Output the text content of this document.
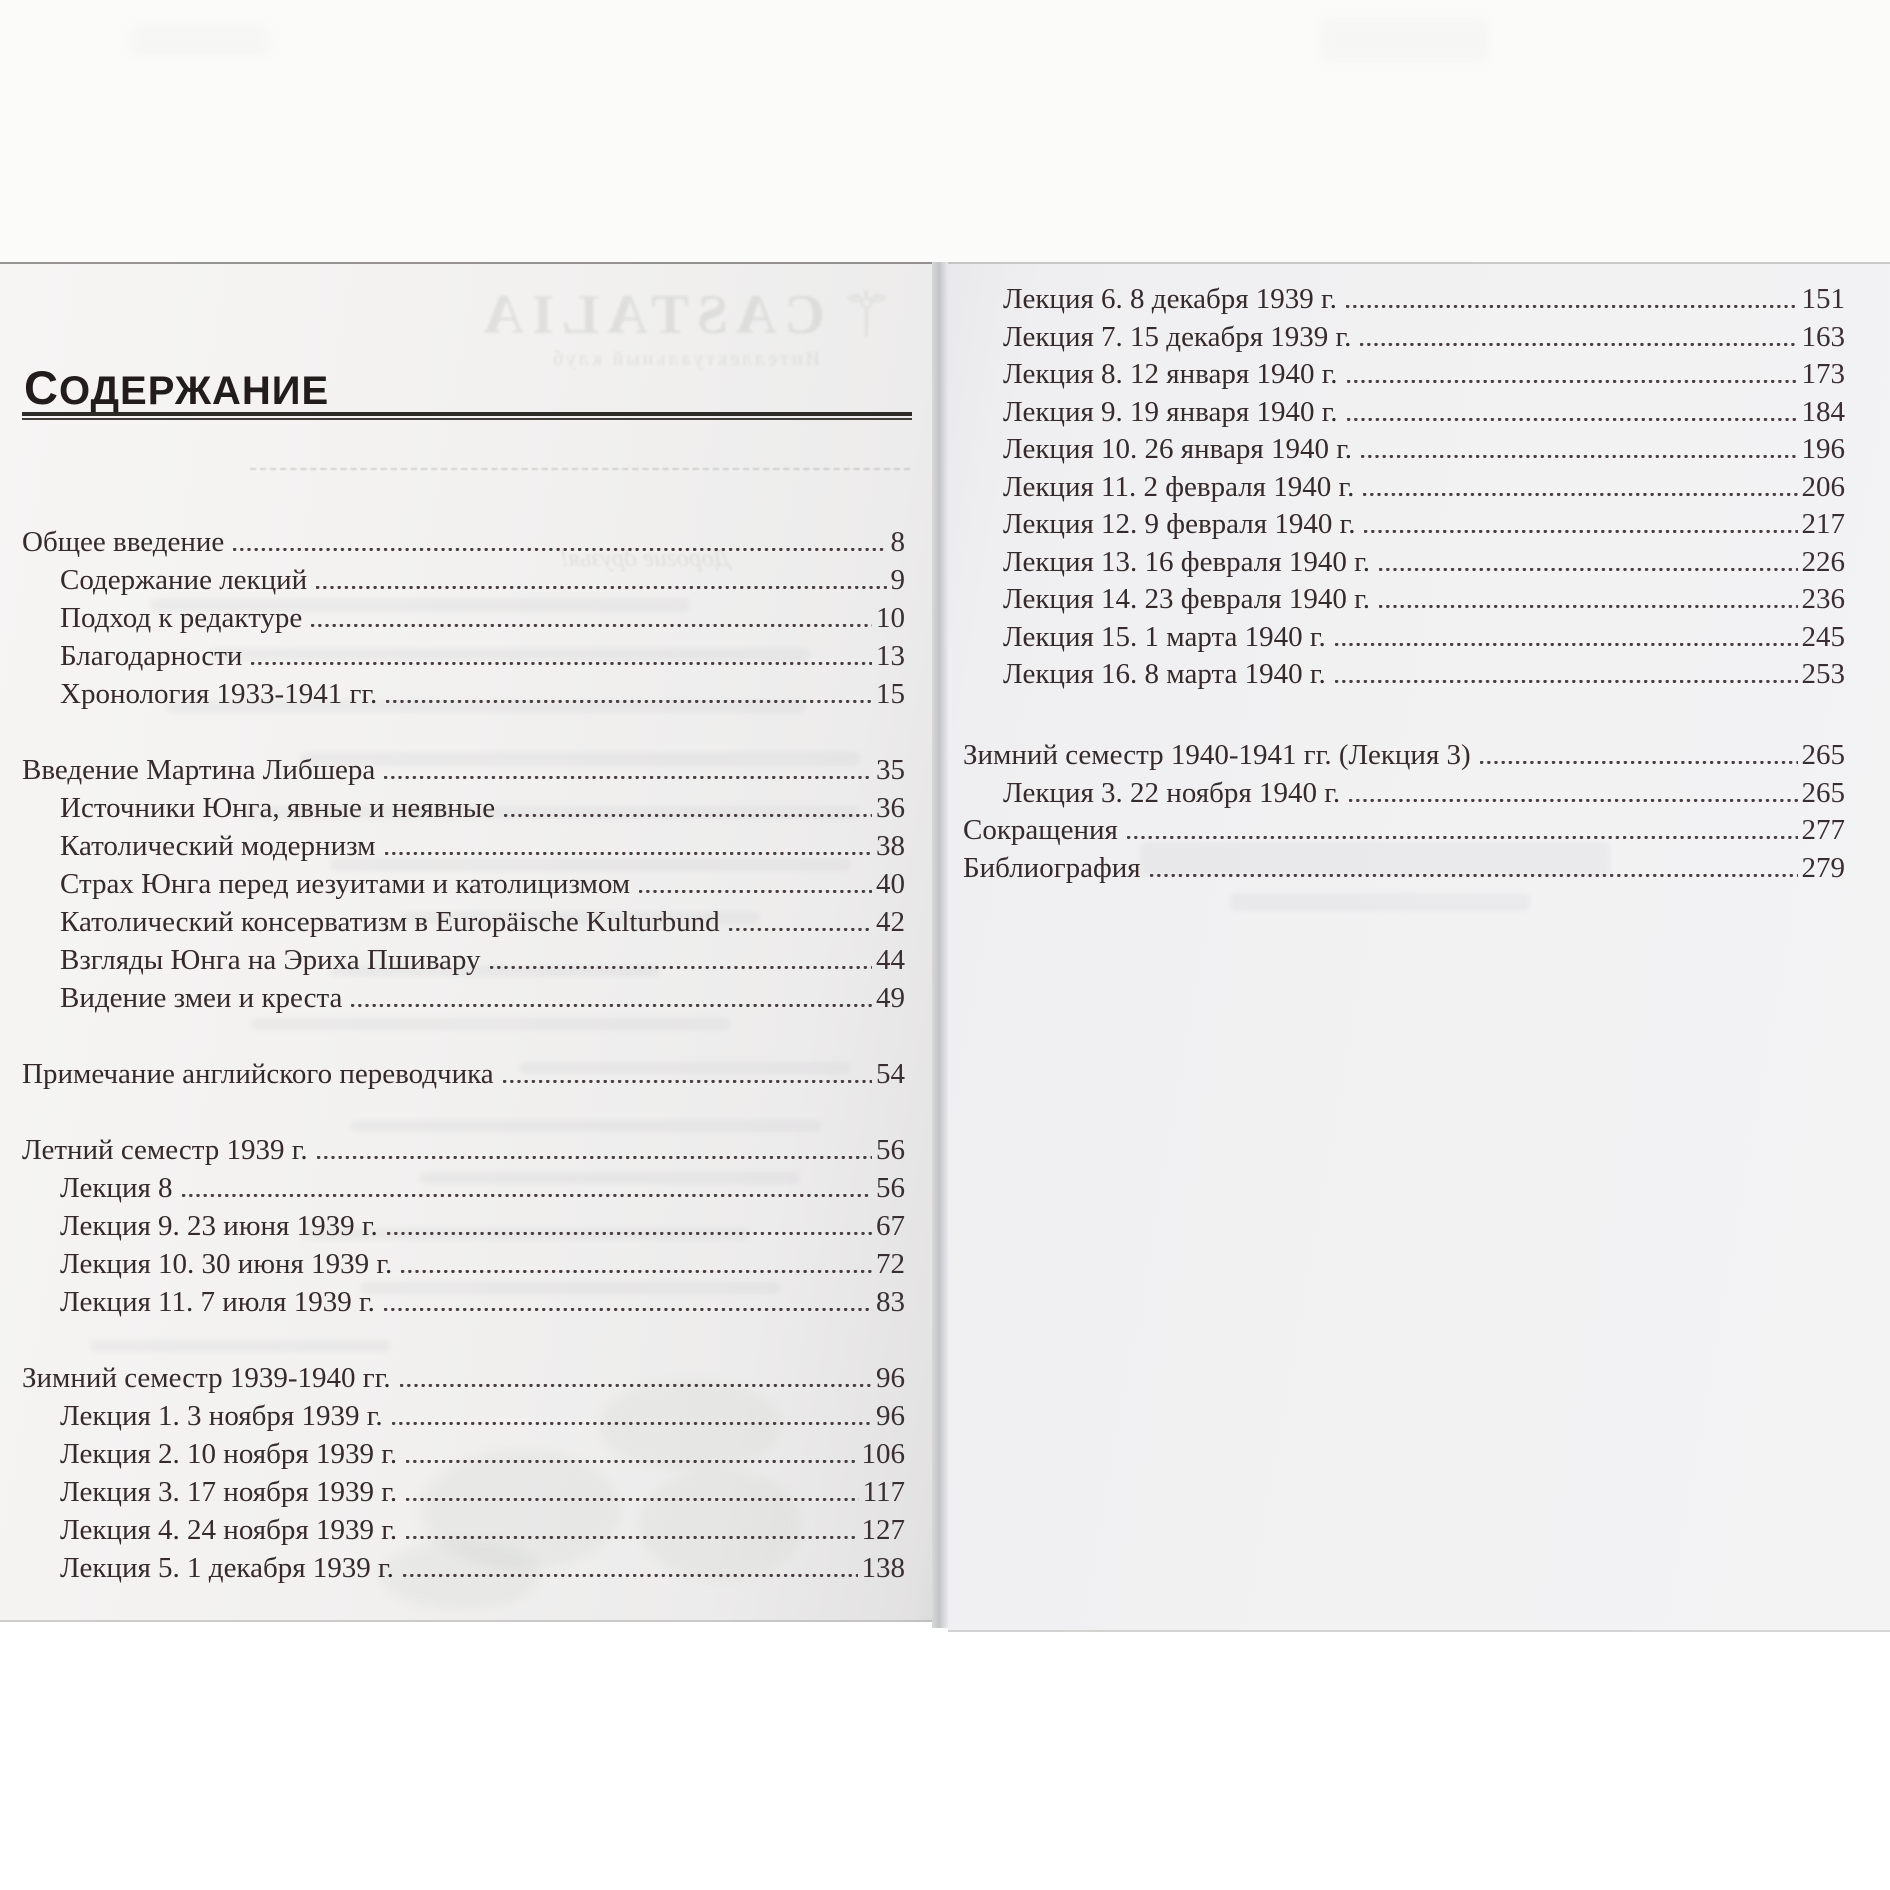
⚚
CASTALIA
Интеллектуальный клуб
Дорогие друзья!
СОДЕРЖАНИЕ
Общее введение	8
Содержание лекций	9
Подход к редактуре	10
Благодарности	13
Хронология 1933-1941 гг.	15
Введение Мартина Либшера	35
Источники Юнга, явные и неявные	36
Католический модернизм	38
Страх Юнга перед иезуитами и католицизмом	40
Католический консерватизм в Europäische Kulturbund	42
Взгляды Юнга на Эриха Пшивару	44
Видение змеи и креста	49
Примечание английского переводчика	54
Летний семестр 1939 г.	56
Лекция 8	56
Лекция 9. 23 июня 1939 г.	67
Лекция 10. 30 июня 1939 г.	72
Лекция 11. 7 июля 1939 г.	83
Зимний семестр 1939-1940 гг.	96
Лекция 1. 3 ноября 1939 г.	96
Лекция 2. 10 ноября 1939 г.	106
Лекция 3. 17 ноября 1939 г.	117
Лекция 4. 24 ноября 1939 г.	127
Лекция 5. 1 декабря 1939 г.	138
Лекция 6. 8 декабря 1939 г.	151
Лекция 7. 15 декабря 1939 г.	163
Лекция 8. 12 января 1940 г.	173
Лекция 9. 19 января 1940 г.	184
Лекция 10. 26 января 1940 г.	196
Лекция 11. 2 февраля 1940 г.	206
Лекция 12. 9 февраля 1940 г.	217
Лекция 13. 16 февраля 1940 г.	226
Лекция 14. 23 февраля 1940 г.	236
Лекция 15. 1 марта 1940 г.	245
Лекция 16. 8 марта 1940 г.	253
Зимний семестр 1940-1941 гг. (Лекция 3)	265
Лекция 3. 22 ноября 1940 г.	265
Сокращения	277
Библиография	279
